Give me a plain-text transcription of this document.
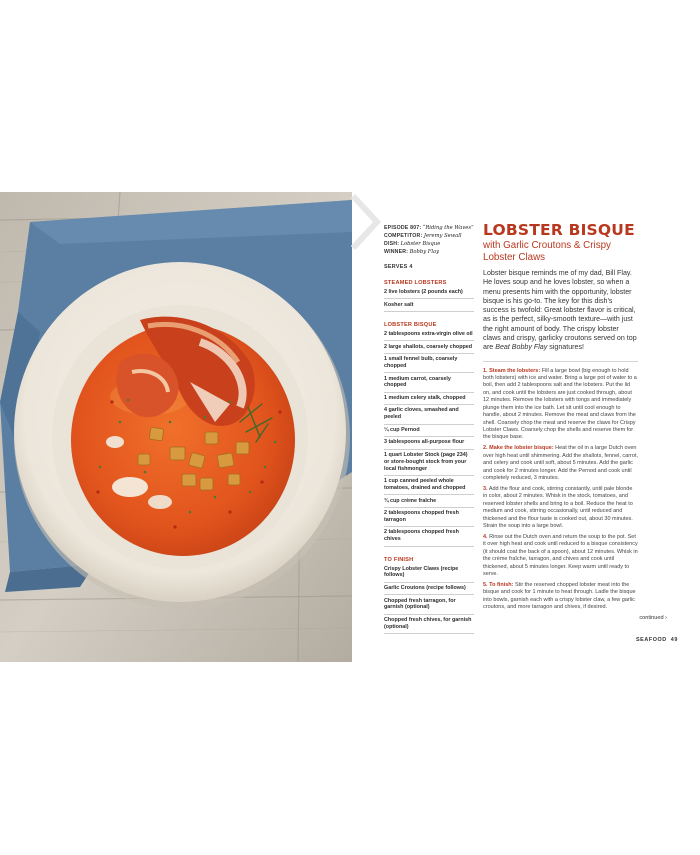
EPISODE 807: “Riding the Waves”
COMPETITOR: Jeremy Sewall
DISH: Lobster Bisque
WINNER: Bobby Flay
SERVES 4
STEAMED LOBSTERS
2 live lobsters (2 pounds each)
Kosher salt
LOBSTER BISQUE
2 tablespoons extra-virgin olive oil
2 large shallots, coarsely chopped
1 small fennel bulb, coarsely chopped
1 medium carrot, coarsely chopped
1 medium celery stalk, chopped
4 garlic cloves, smashed and peeled
¼ cup Pernod
3 tablespoons all-purpose flour
1 quart Lobster Stock (page 234) or store-bought stock from your local fishmonger
1 cup canned peeled whole tomatoes, drained and chopped
¾ cup crème fraîche
2 tablespoons chopped fresh tarragon
2 tablespoons chopped fresh chives
TO FINISH
Crispy Lobster Claws (recipe follows)
Garlic Croutons (recipe follows)
Chopped fresh tarragon, for garnish (optional)
Chopped fresh chives, for garnish (optional)
LOBSTER BISQUE
with Garlic Croutons & Crispy Lobster Claws

Lobster bisque reminds me of my dad, Bill Flay. He loves soup and he loves lobster, so when a menu presents him with the opportunity, lobster bisque is his go-to. The key for this dish’s success is twofold: Great lobster flavor is critical, as is the perfect, silky-smooth texture—with just the right amount of body. The crispy lobster claws and crispy, garlicky croutons served on top are Beat Bobby Flay signatures!

1. Steam the lobsters: Fill a large bowl (big enough to hold both lobsters) with ice and water. Bring a large pot of water to a boil, then add 2 tablespoons salt and the lobsters. Put the lid on, and cook until the lobsters are just cooked through, about 12 minutes. Remove the lobsters with tongs and immediately plunge them into the ice bath. Let sit until cool enough to handle, about 2 minutes. Remove the meat and claws from the shell. Coarsely chop the meat and reserve the claws for Crispy Lobster Claws. Coarsely chop the shells and reserve them for the bisque base.
2. Make the lobster bisque: Heat the oil in a large Dutch oven over high heat until shimmering. Add the shallots, fennel, carrot, and celery and cook until soft, about 5 minutes. Add the garlic and cook for 2 minutes longer. Add the Pernod and cook until completely reduced, 3 minutes.
3. Add the flour and cook, stirring constantly, until pale blonde in color, about 2 minutes. Whisk in the stock, tomatoes, and reserved lobster shells and bring to a boil. Reduce the heat to medium and cook, stirring occasionally, until reduced and thickened and the flour taste is cooked out, about 30 minutes. Strain the soup into a large bowl.
4. Rinse out the Dutch oven and return the soup to the pot. Set it over high heat and cook until reduced to a bisque consistency (it should coat the back of a spoon), about 12 minutes. Whisk in the crème fraîche, tarragon, and chives and cook until thickened, about 5 minutes longer. Keep warm until ready to serve.
5. To finish: Stir the reserved chopped lobster meat into the bisque and cook for 1 minute to heat through. Ladle the bisque into bowls, garnish each with a crispy lobster claw, a few garlic croutons, and more tarragon and chives, if desired.
continued ›
SEAFOOD 49
